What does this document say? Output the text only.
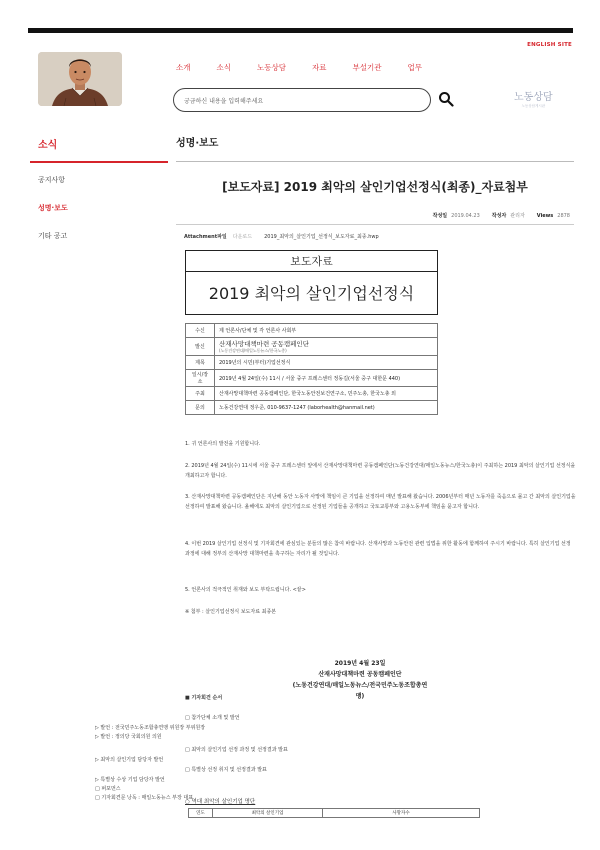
ENGLISH SITE
소개	소식	노동상담	자료	부설기관	업무
궁금하신 내용을 입력해주세요	노동상담
노동상담게시판
소식
공지사항
성명·보도
기타 공고
성명·보도
[보도자료] 2019 최악의 살인기업선정식(최종)_자료첨부
작성일 2019.04.23 작성자 관리자 Views 2878
Attachment파일 다운로드 2019_최악의_살인기업_선정식_보도자료_최종.hwp
보도자료
2019 최악의 살인기업선정식
수신	제 언론사/단체 및 각 언론사 사회부
발신	산재사망대책마련 공동캠페인단
(노동건강연대/매일노동뉴스/한국노총)

제목	2019년의 시민(부터)기업선정식
일시/장소	2019년 4월 24일(수) 11시 / 서울 중구 프레스센터 정동길(서울 중구 대한문 440)
주최	산재사망대책마련 공동캠페인단, 한국노동안전보건연구소, 민주노총, 한국노총 외
문의	노동건강연대 정우준, 010-9637-1247 (laborhealth@hanmail.net)
1. 귀 언론사의 발전을 기원합니다.
2. 2019년 4월 24일(수) 11시에 서울 중구 프레스센터 앞에서 산재사망대책마련 공동캠페인단(노동건강연대/매일노동뉴스/한국노총)이 주최하는 2019 최악의 살인기업 선정식을 개최하고자 합니다.
3. 산재사망대책마련 공동캠페인단은 지난해 동안 노동자 사망에 책임이 큰 기업을 선정하여 매년 발표해 왔습니다. 2006년부터 매년 노동자를 죽음으로 몰고 간 최악의 살인기업을 선정하여 발표해 왔습니다. 올해에도 최악의 살인기업으로 선정된 기업들을 공개하고 국토교통부와 고용노동부에 책임을 묻고자 합니다.
4. 이번 2019 살인기업 선정식 및 기자회견에 관심있는 분들의 많은 참여 바랍니다. 산재사망과 노동안전 관련 입법을 위한 활동에 함께하여 주시기 바랍니다. 특히 살인기업 선정 과정에 대해 정부의 산재사망 대책마련을 촉구하는 자리가 될 것입니다.
5. 언론사의 적극적인 취재와 보도 부탁드립니다. <끝>
※ 첨부 : 살인기업선정식 보도자료 최종본
2019년 4월 23일
산재사망대책마련 공동캠페인단
(노동건강연대/매일노동뉴스/전국민주노동조합총연맹)
■ 기자회견 순서
□ 참가단체 소개 및 발언
▷ 발언 : 전국민주노동조합총연맹 위원장 부위원장
▷ 발언 : 정의당 국회의원 의원
□ 최악의 살인기업 선정 과정 및 선정결과 발표
▷ 최악의 살인기업 담당자 발언
□ 특별상 선정 취지 및 선정결과 발표
▷ 특별상 수상 기업 담당자 발언
□ 퍼포먼스
□ 기자회견문 낭독 : 매일노동뉴스 부장 대표
○ 역대 최악의 살인기업 명단
연도	최악의 살인기업	사망자수
